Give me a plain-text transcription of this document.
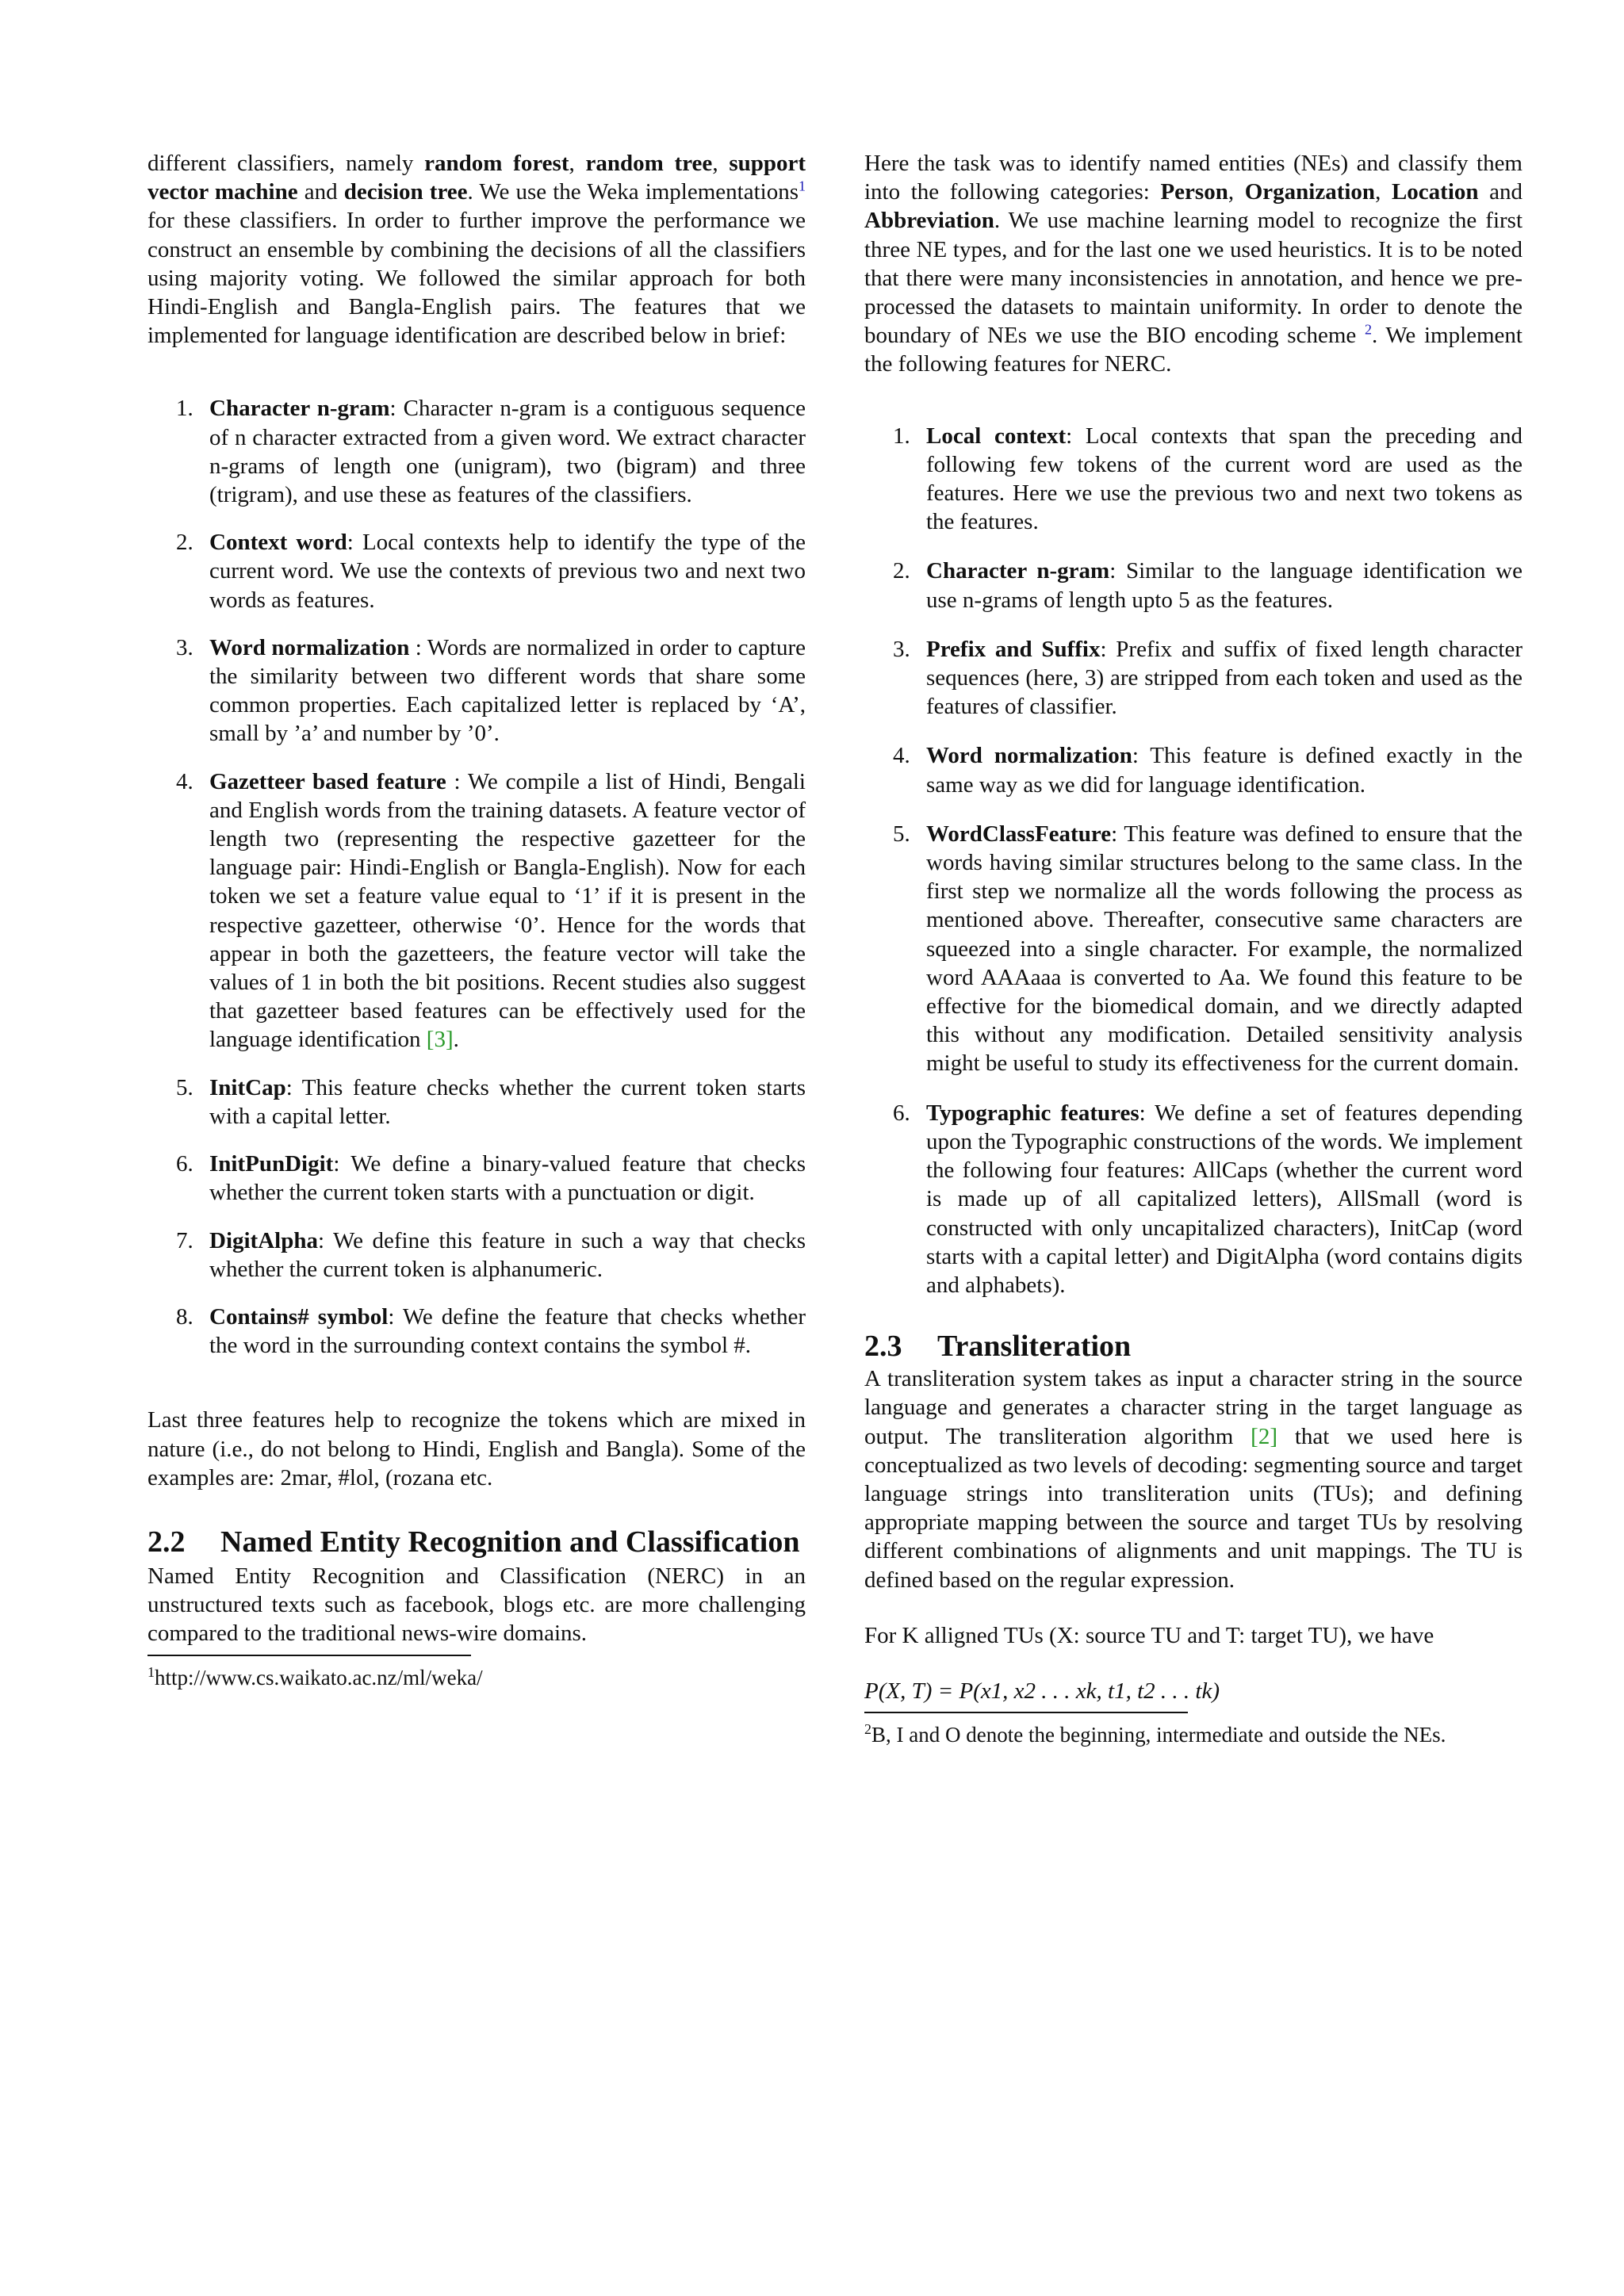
different classifiers, namely random forest, random tree, support vector machine and decision tree. We use the Weka implementations$^1$ for these classifiers. In order to further improve the performance we construct an ensemble by combining the decisions of all the classifiers using majority voting. We followed the similar approach for both Hindi-English and Bangla-English pairs. The features that we implemented for language identification are described below in brief:

1. Character n-gram: Character n-gram is a contiguous sequence of n character extracted from a given word. We extract character n-grams of length one (unigram), two (bigram) and three (trigram), and use these as features of the classifiers.
2. Context word: Local contexts help to identify the type of the current word. We use the contexts of previous two and next two words as features.
3. Word normalization : Words are normalized in order to capture the similarity between two different words that share some common properties. Each capitalized letter is replaced by ‘A’, small by ’a’ and number by ’0’.
4. Gazetteer based feature : We compile a list of Hindi, Bengali and English words from the training datasets. A feature vector of length two (representing the respective gazetteer for the language pair: Hindi-English or Bangla-English). Now for each token we set a feature value equal to ‘1’ if it is present in the respective gazetteer, otherwise ‘0’. Hence for the words that appear in both the gazetteers, the feature vector will take the values of 1 in both the bit positions. Recent studies also suggest that gazetteer based features can be effectively used for the language identification [3].
5. InitCap: This feature checks whether the current token starts with a capital letter.
6. InitPunDigit: We define a binary-valued feature that checks whether the current token starts with a punctuation or digit.
7. DigitAlpha: We define this feature in such a way that checks whether the current token is alphanumeric.
8. Contains# symbol: We define the feature that checks whether the word in the surrounding context contains the symbol #.

Last three features help to recognize the tokens which are mixed in nature (i.e., do not belong to Hindi, English and Bangla). Some of the examples are: 2mar, #lol, (rozana etc.

2.2	Named Entity Recognition and Classification

Named Entity Recognition and Classification (NERC) in an unstructured texts such as facebook, blogs etc. are more challenging compared to the traditional news-wire domains.

$^1$http://www.cs.waikato.ac.nz/ml/weka/

Here the task was to identify named entities (NEs) and classify them into the following categories: Person, Organization, Location and Abbreviation. We use machine learning model to recognize the first three NE types, and for the last one we used heuristics. It is to be noted that there were many inconsistencies in annotation, and hence we pre-processed the datasets to maintain uniformity. In order to denote the boundary of NEs we use the BIO encoding scheme $^2$. We implement the following features for NERC.

1. Local context: Local contexts that span the preceding and following few tokens of the current word are used as the features. Here we use the previous two and next two tokens as the features.
2. Character n-gram: Similar to the language identification we use n-grams of length upto 5 as the features.
3. Prefix and Suffix: Prefix and suffix of fixed length character sequences (here, 3) are stripped from each token and used as the features of classifier.
4. Word normalization: This feature is defined exactly in the same way as we did for language identification.
5. WordClassFeature: This feature was defined to ensure that the words having similar structures belong to the same class. In the first step we normalize all the words following the process as mentioned above. Thereafter, consecutive same characters are squeezed into a single character. For example, the normalized word AAAaaa is converted to Aa. We found this feature to be effective for the biomedical domain, and we directly adapted this without any modification. Detailed sensitivity analysis might be useful to study its effectiveness for the current domain.
6. Typographic features: We define a set of features depending upon the Typographic constructions of the words. We implement the following four features: AllCaps (whether the current word is made up of all capitalized letters), AllSmall (word is constructed with only uncapitalized characters), InitCap (word starts with a capital letter) and DigitAlpha (word contains digits and alphabets).
2.3	Transliteration

A transliteration system takes as input a character string in the source language and generates a character string in the target language as output. The transliteration algorithm [2] that we used here is conceptualized as two levels of decoding: segmenting source and target language strings into transliteration units (TUs); and defining appropriate mapping between the source and target TUs by resolving different combinations of alignments and unit mappings. The TU is defined based on the regular expression.

For K alligned TUs (X: source TU and T: target TU), we have

P(X, T) = P(x1, x2 . . . xk, t1, t2 . . . tk)
$^2$B, I and O denote the beginning, intermediate and outside the NEs.
